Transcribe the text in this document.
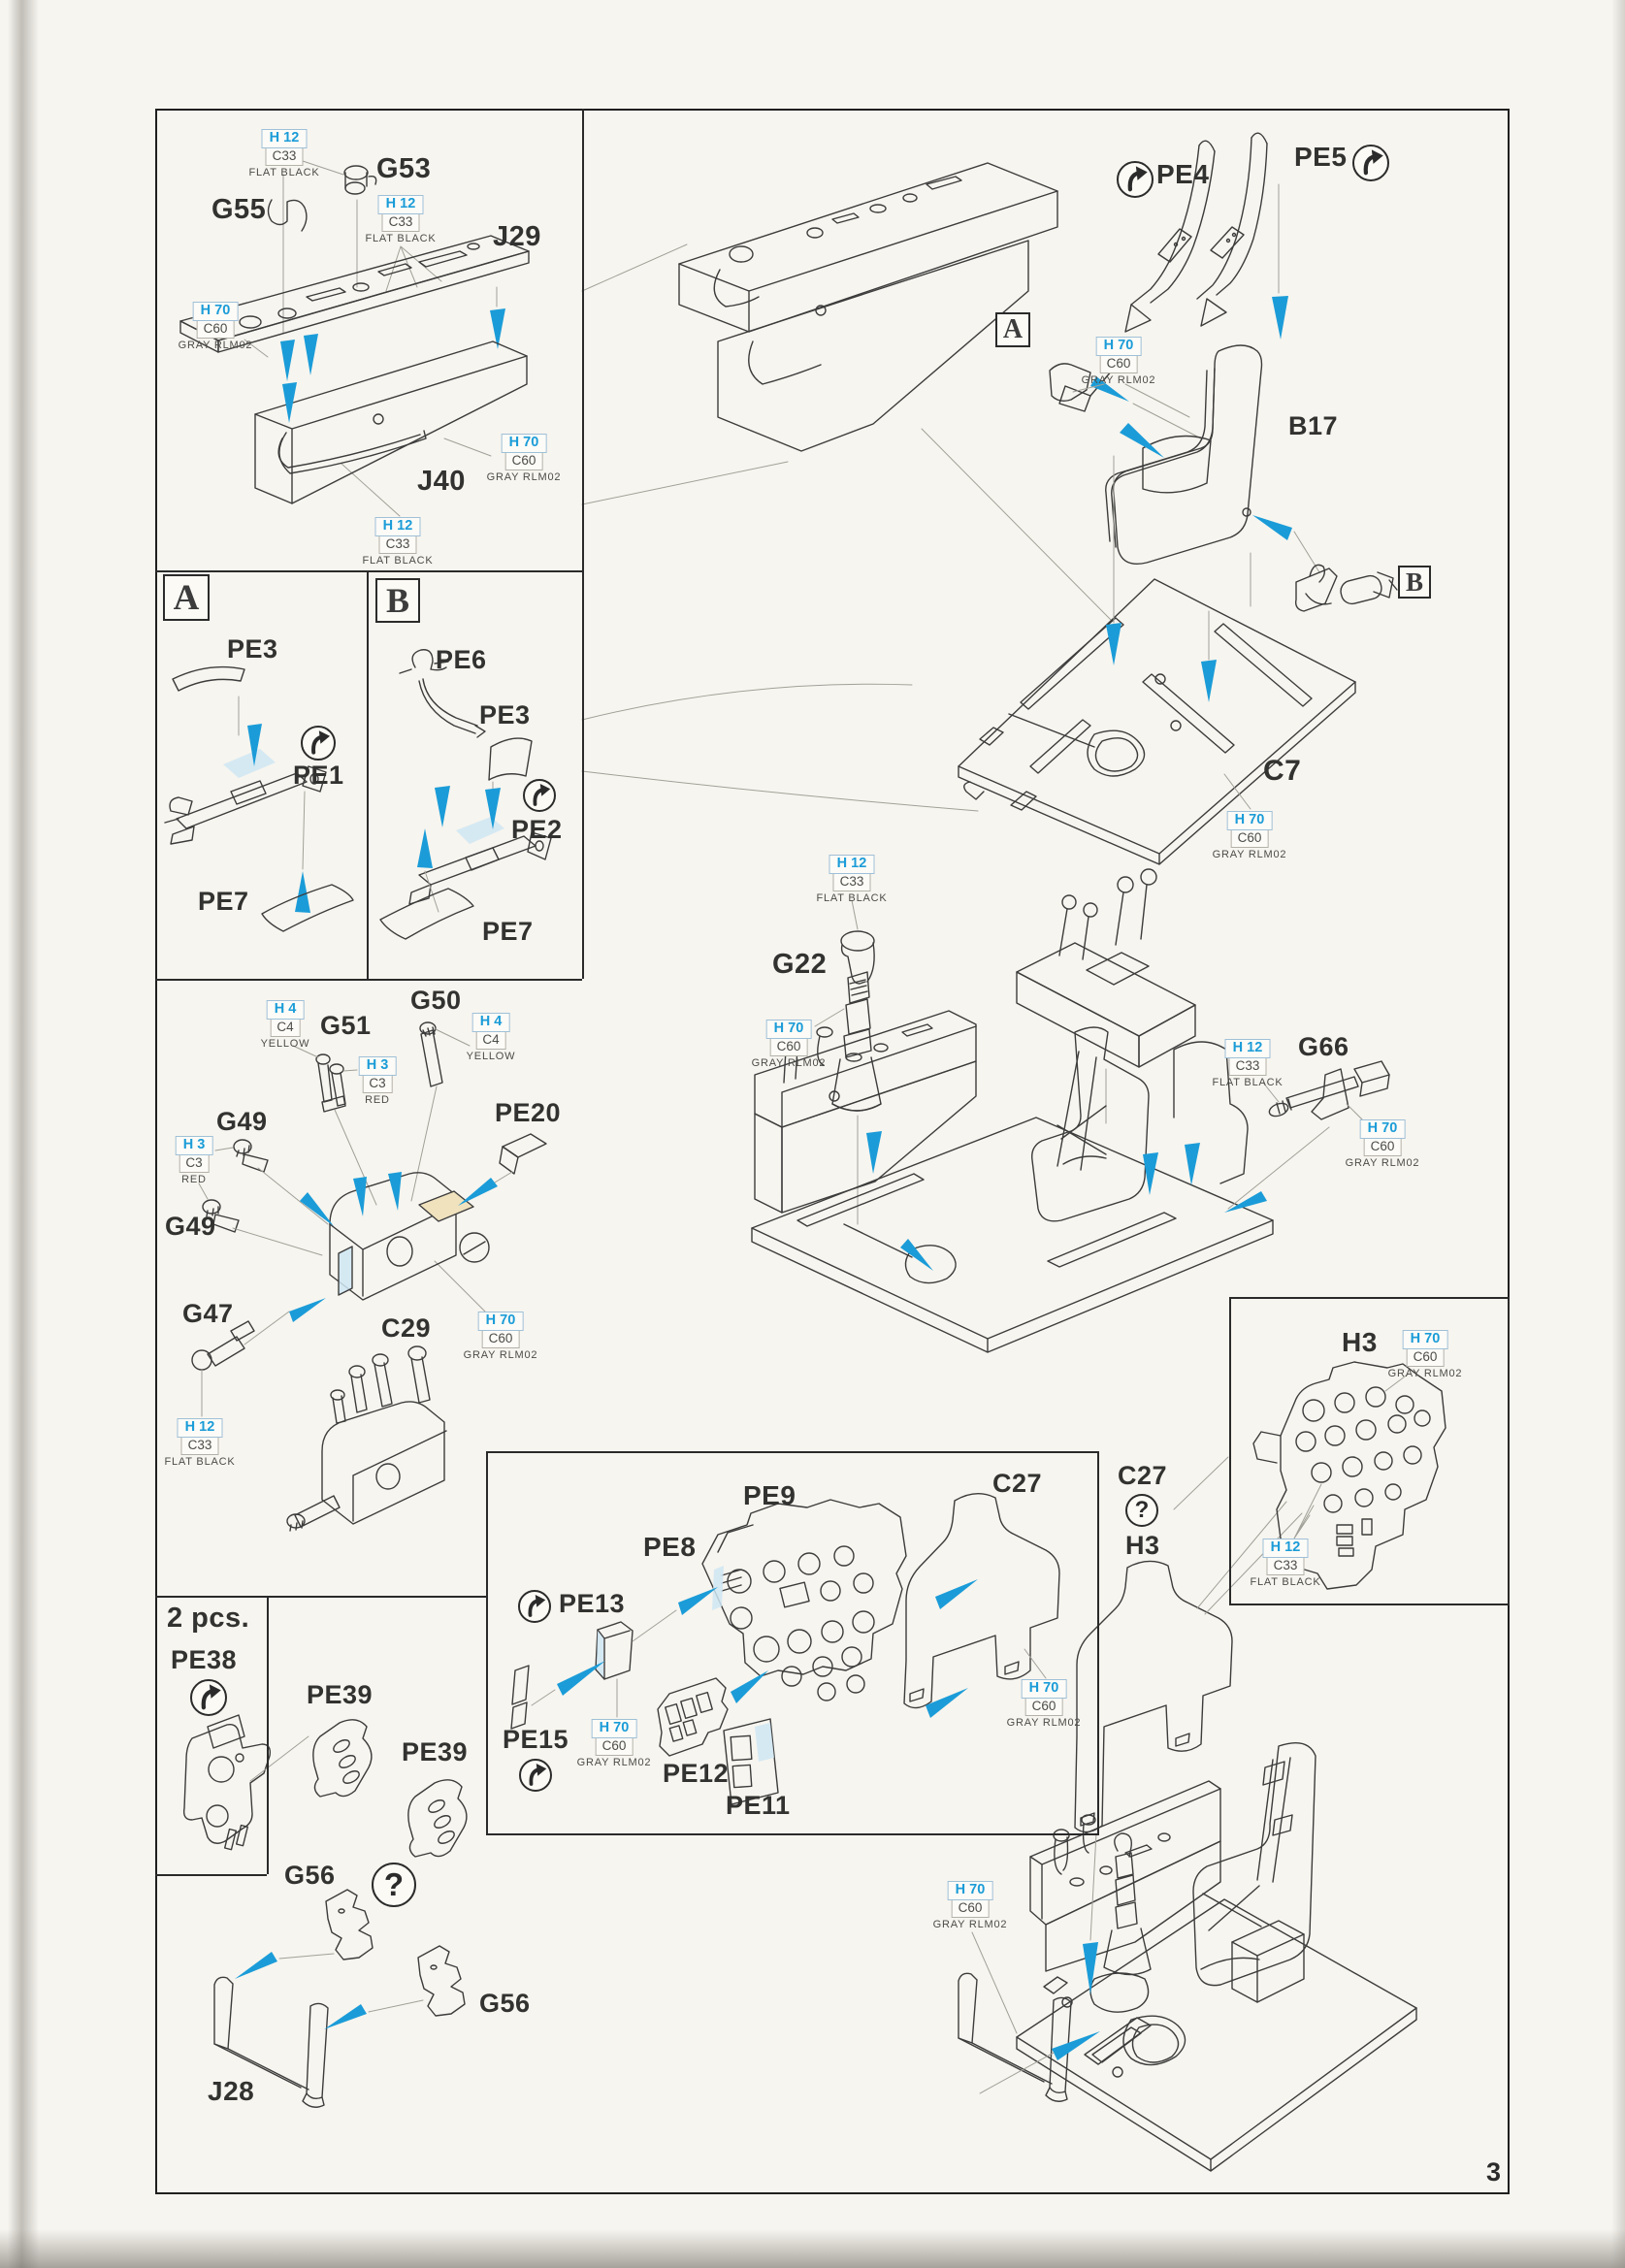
G53
G55
J29
J40
PE4
PE5
B17
C7
PE3
PE1
PE7
PE6
PE3
PE2
PE7
G22
G66
G50
G51
G49
G49
PE20
G47	C29
PE9
PE8
PE13
PE15
PE12
PE11
C27	C27
H3
H3
2 pcs.
PE38
PE39
PE39
G56
G56
J28
H 12
C33
FLAT BLACK
H 12
C33
FLAT BLACK
H 70
C60
GRAY RLM02
H 70
C60
GRAY RLM02
H 12
C33
FLAT BLACK
H 70
C60
GRAY RLM02
H 70
C60
GRAY RLM02
H 12
C33
FLAT BLACK
H 70
C60
GRAY RLM02
H 12
C33
FLAT BLACK
H 70
C60
GRAY RLM02
H 4
C4
YELLOW
H 4
C4
YELLOW
H 3
C3
RED
H 3
C3
RED
H 70
C60
GRAY RLM02
H 12
C33
FLAT BLACK
H 70
C60
GRAY RLM02
H 70
C60
GRAY RLM02
H 70
C60
GRAY RLM02
H 12
C33
FLAT BLACK
H 70
C60
GRAY RLM02
A	B
A
B
?
?
3
